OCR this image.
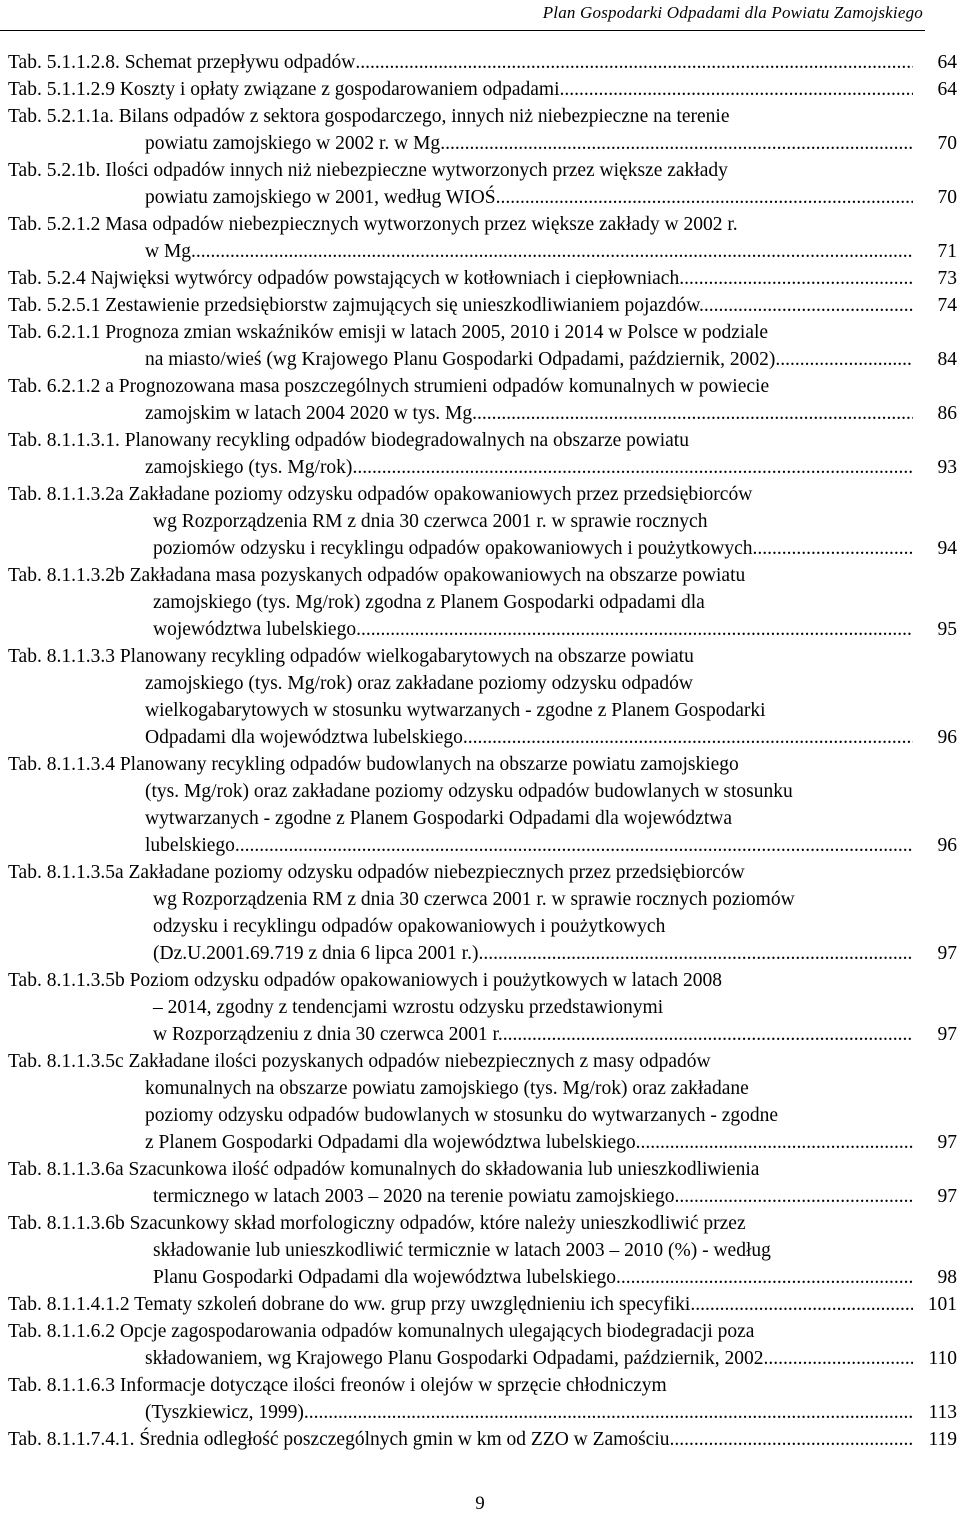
Plan Gospodarki Odpadami dla Powiatu Zamojskiego
Tab. 5.1.1.2.8. Schemat przepływu odpadów .....	64
Tab. 5.1.1.2.9 Koszty i opłaty związane z gospodarowaniem odpadami. .....	64
Tab. 5.2.1.1a. Bilans odpadów z sektora gospodarczego, innych niż niebezpieczne na terenie
powiatu zamojskiego w 2002 r. w Mg .....	70
Tab. 5.2.1b. Ilości odpadów innych niż niebezpieczne wytworzonych przez większe zakłady
powiatu zamojskiego w 2001, według WIOŚ .....	70
Tab. 5.2.1.2 Masa odpadów niebezpiecznych wytworzonych przez większe zakłady w 2002 r.
w Mg .....	71
Tab. 5.2.4 Najwięksi wytwórcy odpadów powstających w kotłowniach i ciepłowniach .....	73
Tab. 5.2.5.1 Zestawienie przedsiębiorstw zajmujących się unieszkodliwianiem pojazdów. .....	74
Tab. 6.2.1.1 Prognoza zmian wskaźników emisji w latach 2005, 2010 i 2014 w Polsce w podziale
na miasto/wieś (wg Krajowego Planu Gospodarki Odpadami, październik, 2002) .....	84
Tab. 6.2.1.2 a Prognozowana masa poszczególnych strumieni odpadów komunalnych w powiecie
zamojskim w latach 2004 2020 w tys. Mg .....	86
Tab. 8.1.1.3.1. Planowany recykling odpadów biodegradowalnych na obszarze powiatu
zamojskiego (tys. Mg/rok) .....	93
Tab. 8.1.1.3.2a Zakładane poziomy odzysku odpadów opakowaniowych przez przedsiębiorców
wg Rozporządzenia RM z dnia 30 czerwca 2001 r. w sprawie rocznych
poziomów odzysku i recyklingu odpadów opakowaniowych i poużytkowych .....	94
Tab. 8.1.1.3.2b Zakładana masa pozyskanych odpadów opakowaniowych na obszarze powiatu
zamojskiego (tys. Mg/rok) zgodna z Planem Gospodarki odpadami dla
województwa lubelskiego .....	95
Tab. 8.1.1.3.3 Planowany recykling odpadów wielkogabarytowych na obszarze powiatu
zamojskiego (tys. Mg/rok) oraz zakładane poziomy odzysku odpadów
wielkogabarytowych w stosunku wytwarzanych - zgodne z Planem Gospodarki
Odpadami dla województwa lubelskiego .....	96
Tab. 8.1.1.3.4 Planowany recykling odpadów budowlanych na obszarze powiatu zamojskiego
(tys. Mg/rok) oraz zakładane poziomy odzysku odpadów budowlanych w stosunku
wytwarzanych - zgodne z Planem Gospodarki Odpadami dla województwa
lubelskiego .....	96
Tab. 8.1.1.3.5a Zakładane poziomy odzysku odpadów niebezpiecznych przez przedsiębiorców
wg Rozporządzenia RM z dnia 30 czerwca 2001 r. w sprawie rocznych poziomów
odzysku i recyklingu odpadów opakowaniowych i poużytkowych
(Dz.U.2001.69.719 z dnia 6 lipca 2001 r.) .....	97
Tab. 8.1.1.3.5b Poziom odzysku odpadów opakowaniowych i poużytkowych w latach 2008
– 2014, zgodny z tendencjami wzrostu odzysku przedstawionymi
w Rozporządzeniu z dnia 30 czerwca 2001 r. .....	97
Tab. 8.1.1.3.5c Zakładane ilości pozyskanych odpadów niebezpiecznych z masy odpadów
komunalnych na obszarze powiatu zamojskiego (tys. Mg/rok) oraz zakładane
poziomy odzysku odpadów budowlanych w stosunku do wytwarzanych - zgodne
z Planem Gospodarki Odpadami dla województwa lubelskiego .....	97
Tab. 8.1.1.3.6a Szacunkowa ilość odpadów komunalnych do składowania lub unieszkodliwienia
termicznego w latach 2003 – 2020 na terenie powiatu zamojskiego .....	97
Tab. 8.1.1.3.6b Szacunkowy skład morfologiczny odpadów, które należy unieszkodliwić przez
składowanie lub unieszkodliwić termicznie w latach 2003 – 2010 (%) - według
Planu Gospodarki Odpadami dla województwa lubelskiego .....	98
Tab. 8.1.1.4.1.2 Tematy szkoleń dobrane do ww. grup przy uwzględnieniu ich specyfiki .....	101
Tab. 8.1.1.6.2 Opcje zagospodarowania odpadów komunalnych ulegających biodegradacji poza
składowaniem, wg Krajowego Planu Gospodarki Odpadami, październik, 2002. .....	110
Tab. 8.1.1.6.3 Informacje dotyczące ilości freonów i olejów w sprzęcie chłodniczym
(Tyszkiewicz, 1999). .....	113
Tab. 8.1.1.7.4.1. Średnia odległość poszczególnych gmin w km od ZZO w Zamościu. .....	119
9
